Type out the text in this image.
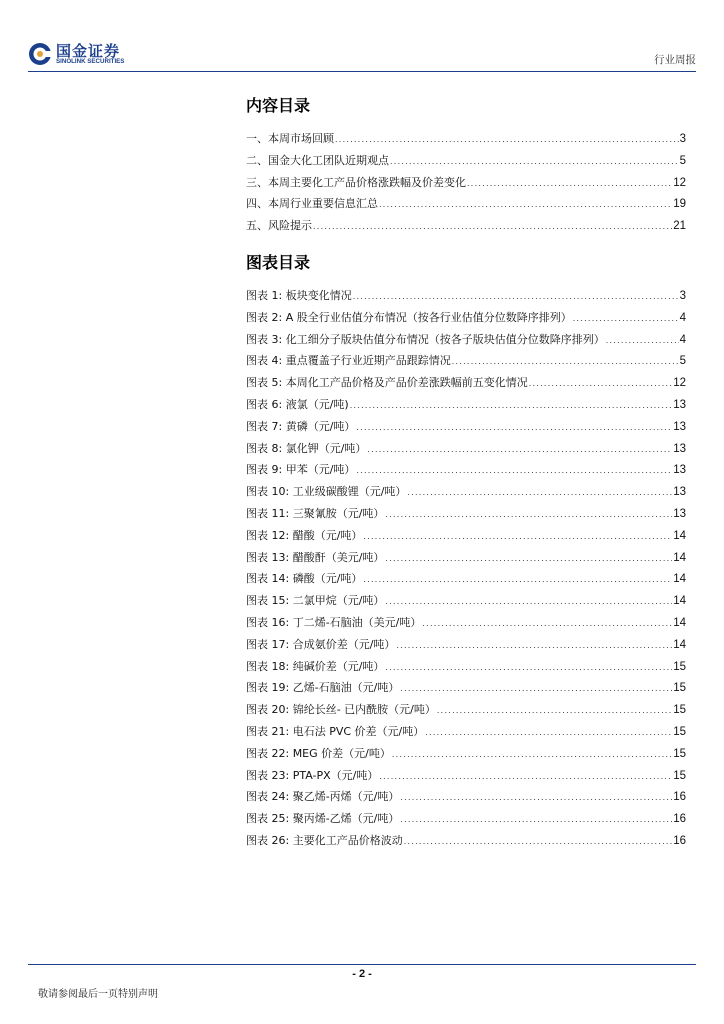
国金证券
SINOLINK SECURITIES	行业周报
内容目录
一、本周市场回顾 .....	3
二、国金大化工团队近期观点 .....	5
三、本周主要化工产品价格涨跌幅及价差变化 .....	12
四、本周行业重要信息汇总 .....	19
五、风险提示 .....	21
图表目录
图表 1: 板块变化情况 .....	3
图表 2: A 股全行业估值分布情况（按各行业估值分位数降序排列） .....	4
图表 3: 化工细分子版块估值分布情况（按各子版块估值分位数降序排列） .....	4
图表 4: 重点覆盖子行业近期产品跟踪情况 .....	5
图表 5: 本周化工产品价格及产品价差涨跌幅前五变化情况 .....	12
图表 6: 液氯（元/吨) .....	13
图表 7: 黄磷（元/吨） .....	13
图表 8: 氯化钾（元/吨） .....	13
图表 9: 甲苯（元/吨） .....	13
图表 10: 工业级碳酸锂（元/吨） .....	13
图表 11: 三聚氰胺（元/吨） .....	13
图表 12: 醋酸（元/吨） .....	14
图表 13: 醋酸酐（美元/吨） .....	14
图表 14: 磷酸（元/吨） .....	14
图表 15: 二氯甲烷（元/吨） .....	14
图表 16: 丁二烯-石脑油（美元/吨） .....	14
图表 17: 合成氨价差（元/吨） .....	14
图表 18: 纯碱价差（元/吨） .....	15
图表 19: 乙烯-石脑油（元/吨） .....	15
图表 20: 锦纶长丝- 已内酰胺（元/吨） .....	15
图表 21: 电石法 PVC 价差（元/吨） .....	15
图表 22: MEG 价差（元/吨） .....	15
图表 23: PTA-PX（元/吨） .....	15
图表 24: 聚乙烯-丙烯（元/吨） .....	16
图表 25: 聚丙烯-乙烯（元/吨） .....	16
图表 26: 主要化工产品价格波动 .....	16
- 2 -
敬请参阅最后一页特别声明
